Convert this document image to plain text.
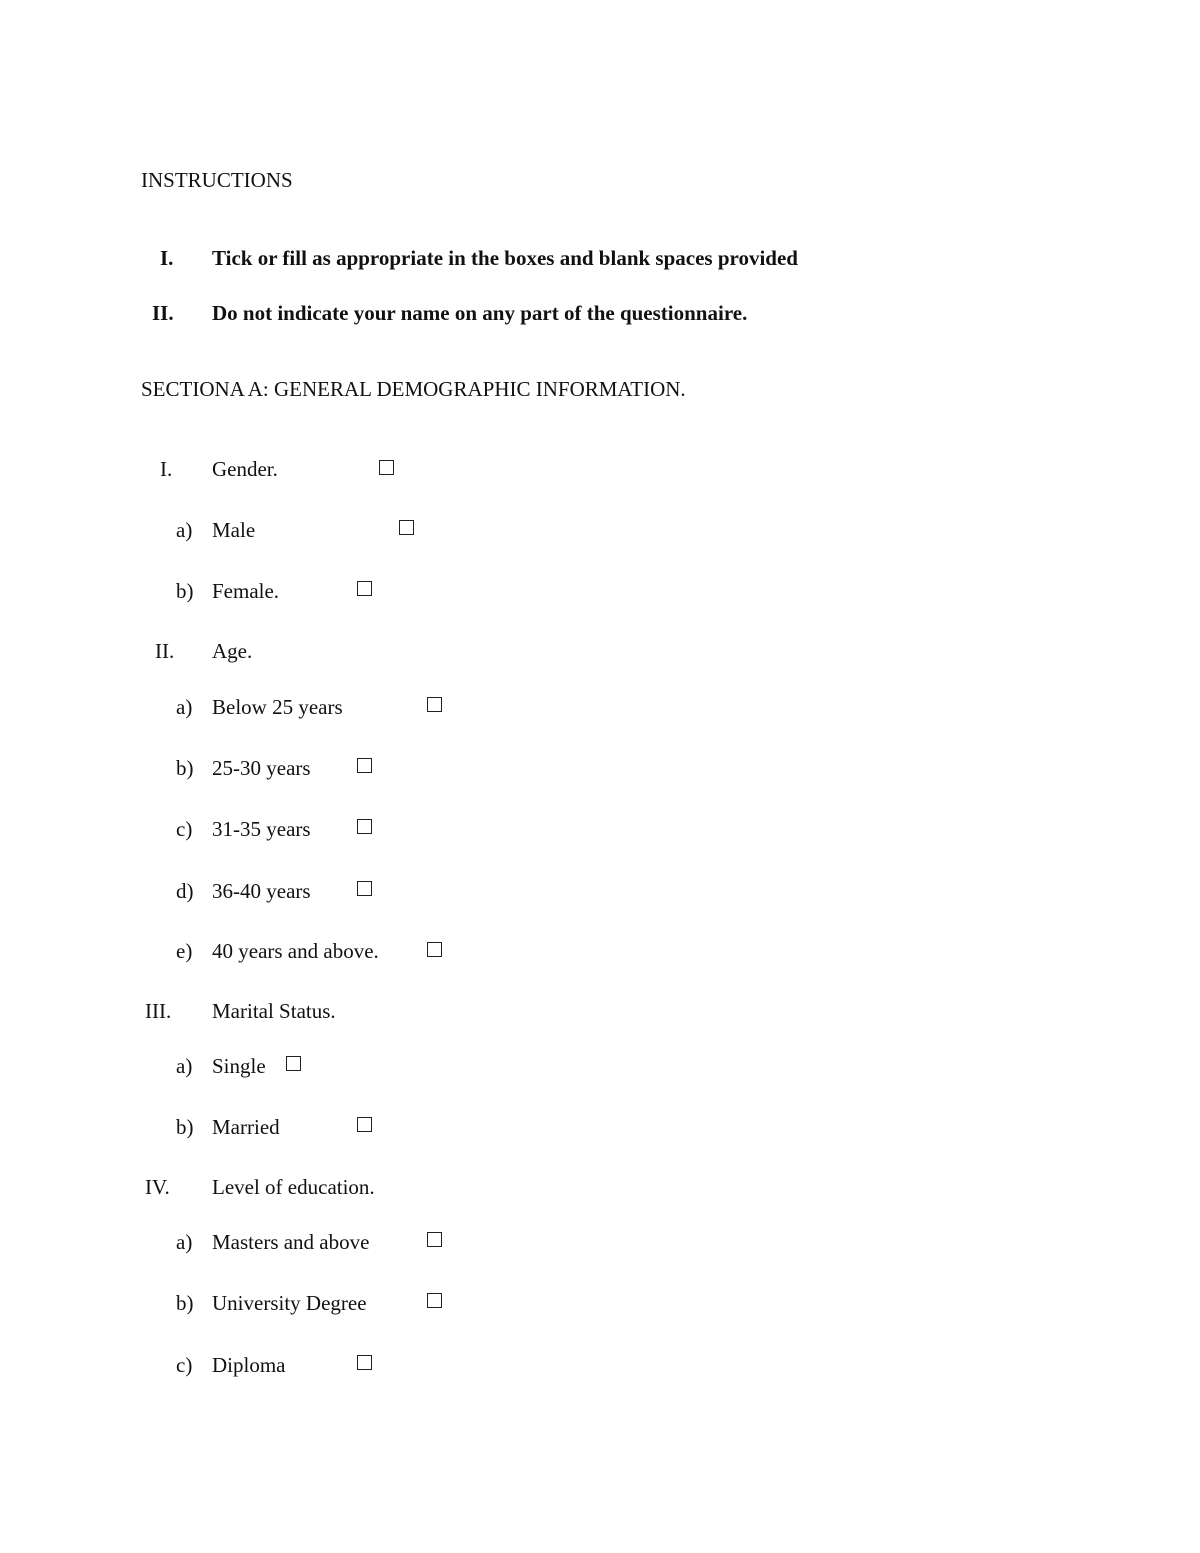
INSTRUCTIONS
I. Tick or fill as appropriate in the boxes and blank spaces provided
II. Do not indicate your name on any part of the questionnaire.
SECTIONA A: GENERAL DEMOGRAPHIC INFORMATION.
I. Gender.
a) Male
b) Female.
II. Age.
a) Below 25 years
b) 25-30 years
c) 31-35 years
d) 36-40 years
e) 40 years and above.
III. Marital Status.
a) Single
b) Married
IV. Level of education.
a) Masters and above
b) University Degree
c) Diploma
